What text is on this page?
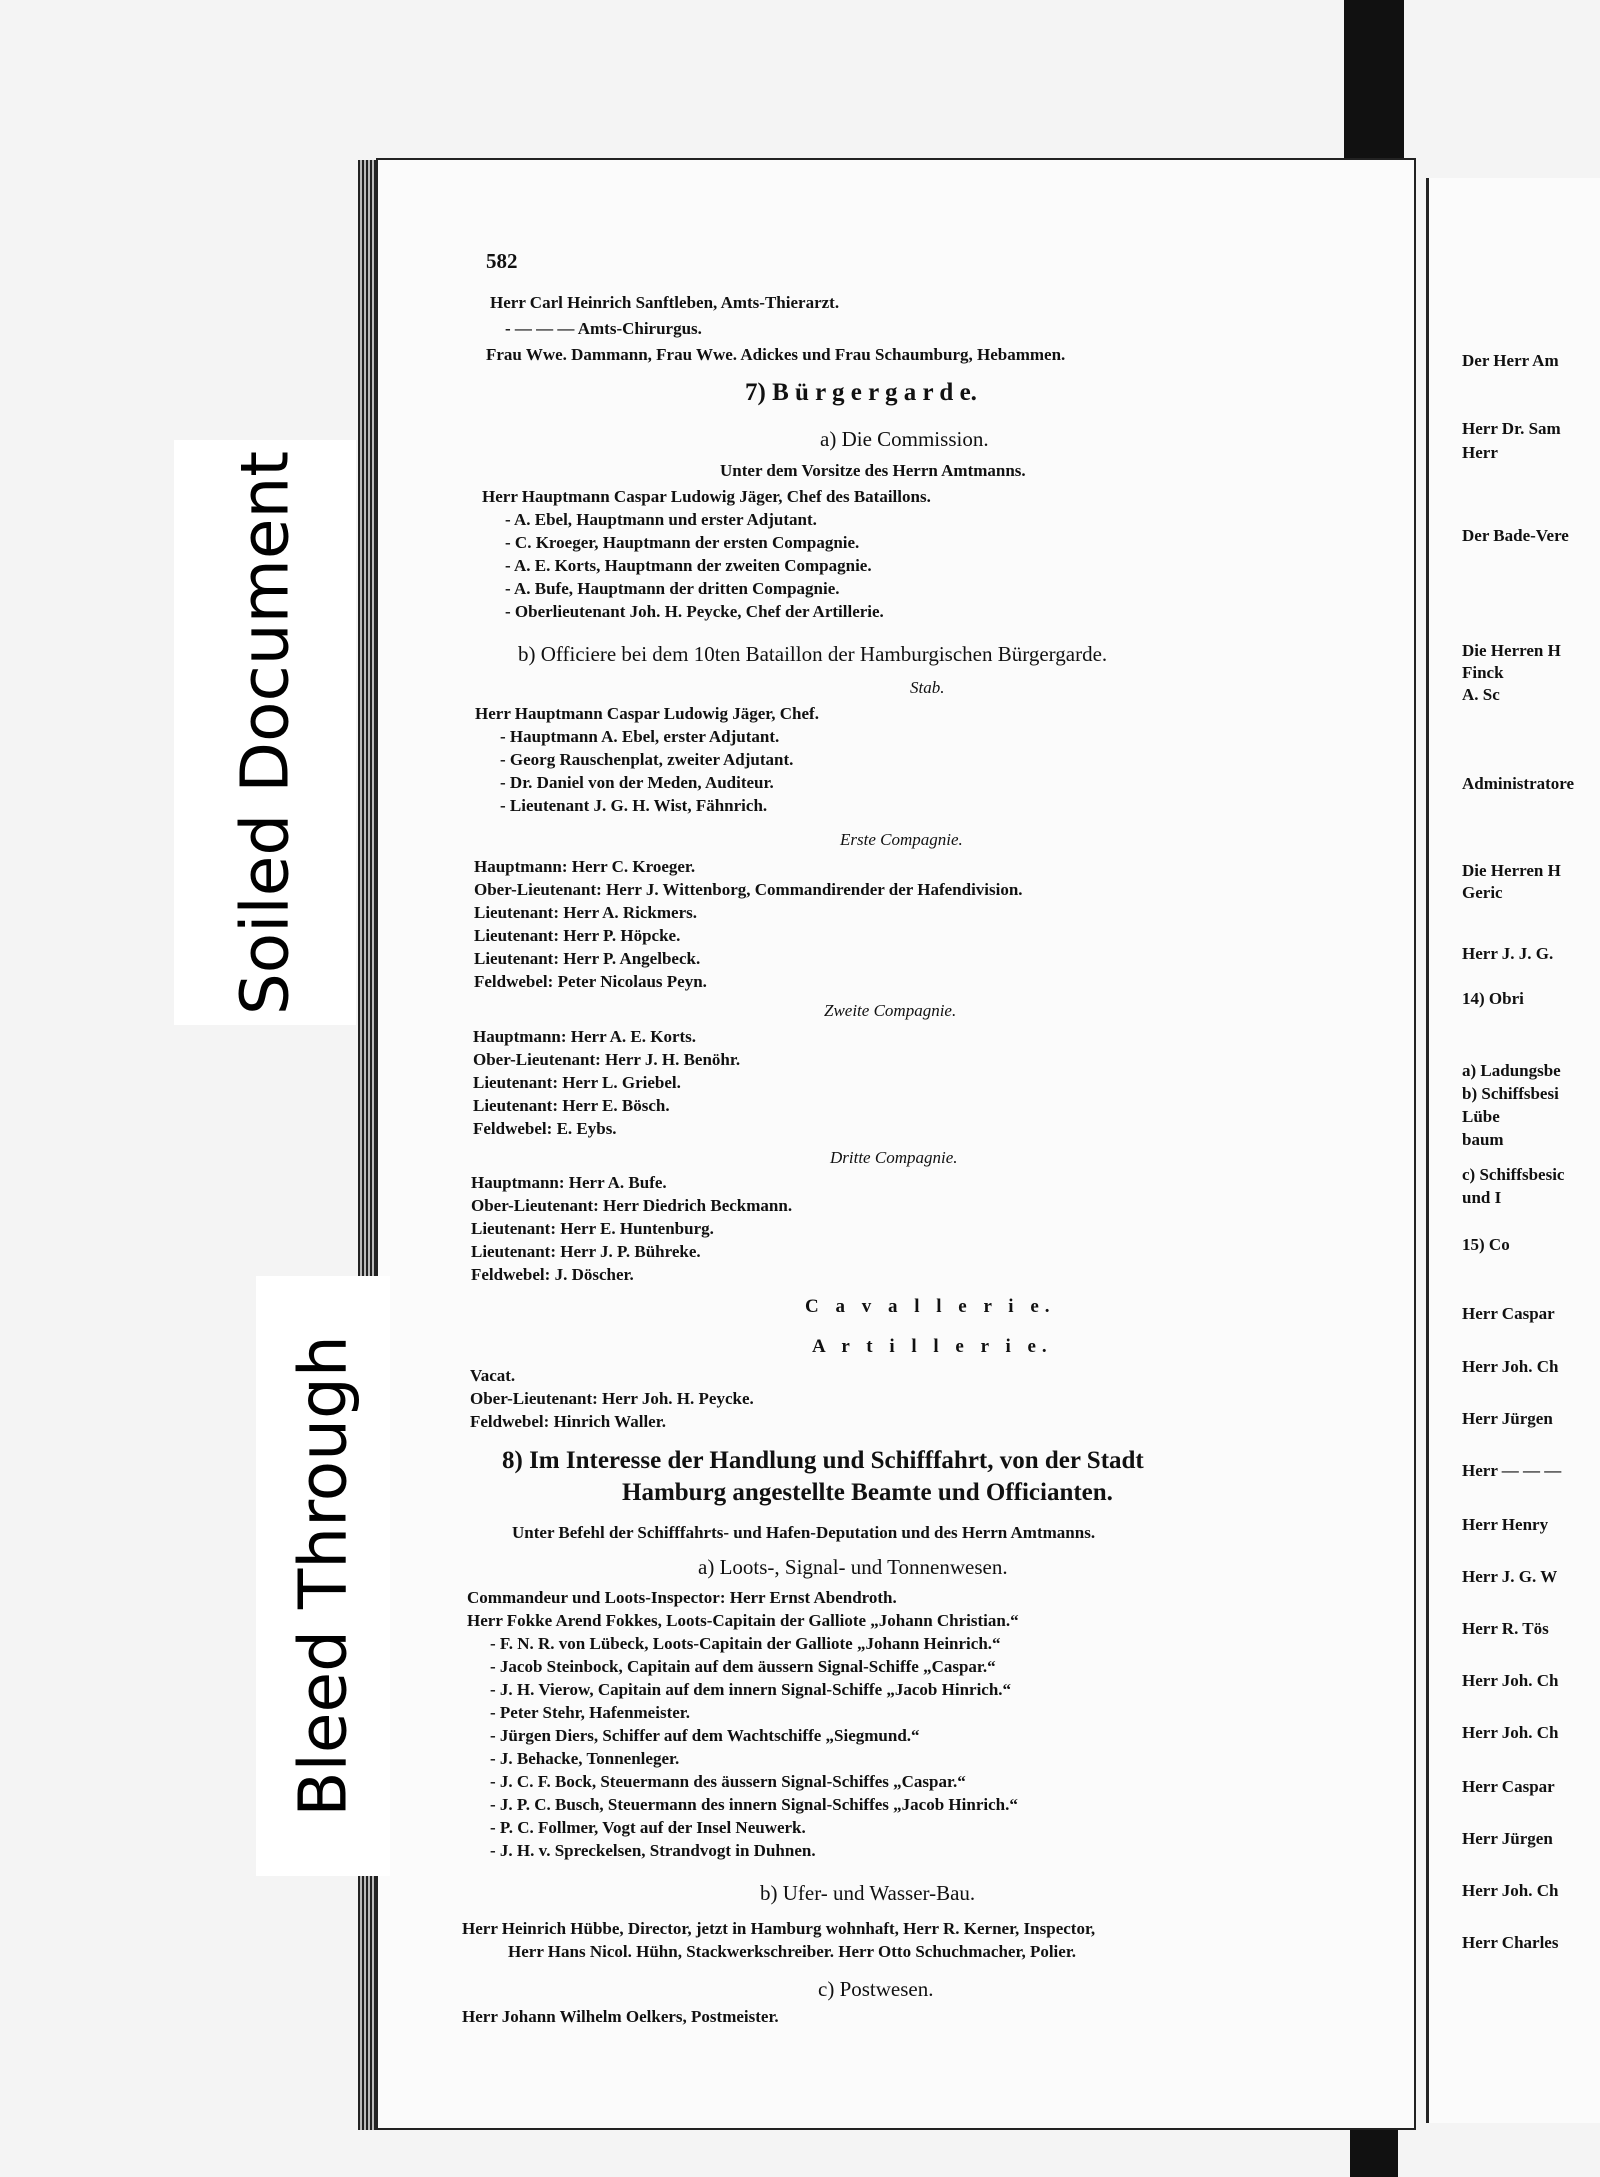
Soiled Document
Bleed Through
582
Herr Carl Heinrich Sanftleben, Amts-Thierarzt.
- — — — Amts-Chirurgus.
Frau Wwe. Dammann, Frau Wwe. Adickes und Frau Schaumburg, Hebammen.
7) B ü r g e r g a r d e.
a) Die Commission.
Unter dem Vorsitze des Herrn Amtmanns.
Herr Hauptmann Caspar Ludowig Jäger, Chef des Bataillons.
- A. Ebel, Hauptmann und erster Adjutant.
- C. Kroeger, Hauptmann der ersten Compagnie.
- A. E. Korts, Hauptmann der zweiten Compagnie.
- A. Bufe, Hauptmann der dritten Compagnie.
- Oberlieutenant Joh. H. Peycke, Chef der Artillerie.
b) Officiere bei dem 10ten Bataillon der Hamburgischen Bürgergarde.
Stab.
Herr Hauptmann Caspar Ludowig Jäger, Chef.
- Hauptmann A. Ebel, erster Adjutant.
- Georg Rauschenplat, zweiter Adjutant.
- Dr. Daniel von der Meden, Auditeur.
- Lieutenant J. G. H. Wist, Fähnrich.
Erste Compagnie.
Hauptmann: Herr C. Kroeger.
Ober-Lieutenant: Herr J. Wittenborg, Commandirender der Hafendivision.
Lieutenant: Herr A. Rickmers.
Lieutenant: Herr P. Höpcke.
Lieutenant: Herr P. Angelbeck.
Feldwebel: Peter Nicolaus Peyn.
Zweite Compagnie.
Hauptmann: Herr A. E. Korts.
Ober-Lieutenant: Herr J. H. Benöhr.
Lieutenant: Herr L. Griebel.
Lieutenant: Herr E. Bösch.
Feldwebel: E. Eybs.
Dritte Compagnie.
Hauptmann: Herr A. Bufe.
Ober-Lieutenant: Herr Diedrich Beckmann.
Lieutenant: Herr E. Huntenburg.
Lieutenant: Herr J. P. Bühreke.
Feldwebel: J. Döscher.
C a v a l l e r i e.
A r t i l l e r i e.
Vacat.
Ober-Lieutenant: Herr Joh. H. Peycke.
Feldwebel: Hinrich Waller.
8) Im Interesse der Handlung und Schifffahrt, von der Stadt
Hamburg angestellte Beamte und Officianten.
Unter Befehl der Schifffahrts- und Hafen-Deputation und des Herrn Amtmanns.
a) Loots-, Signal- und Tonnenwesen.
Commandeur und Loots-Inspector: Herr Ernst Abendroth.
Herr Fokke Arend Fokkes, Loots-Capitain der Galliote „Johann Christian.“
- F. N. R. von Lübeck, Loots-Capitain der Galliote „Johann Heinrich.“
- Jacob Steinbock, Capitain auf dem äussern Signal-Schiffe „Caspar.“
- J. H. Vierow, Capitain auf dem innern Signal-Schiffe „Jacob Hinrich.“
- Peter Stehr, Hafenmeister.
- Jürgen Diers, Schiffer auf dem Wachtschiffe „Siegmund.“
- J. Behacke, Tonnenleger.
- J. C. F. Bock, Steuermann des äussern Signal-Schiffes „Caspar.“
- J. P. C. Busch, Steuermann des innern Signal-Schiffes „Jacob Hinrich.“
- P. C. Follmer, Vogt auf der Insel Neuwerk.
- J. H. v. Spreckelsen, Strandvogt in Duhnen.
b) Ufer- und Wasser-Bau.
Herr Heinrich Hübbe, Director, jetzt in Hamburg wohnhaft, Herr R. Kerner, Inspector,
Herr Hans Nicol. Hühn, Stackwerkschreiber. Herr Otto Schuchmacher, Polier.
c) Postwesen.
Herr Johann Wilhelm Oelkers, Postmeister.
Der Herr Am
Herr Dr. Sam
Herr
Der Bade-Vere
Die Herren H
Finck
A. Sc
Administratore
Die Herren H
Geric
Herr J. J. G.
14) Obri
a) Ladungsbe
b) Schiffsbesi
Lübe
baum
c) Schiffsbesic
und I
15) Co
Herr Caspar
Herr Joh. Ch
Herr Jürgen
Herr — — —
Herr Henry
Herr J. G. W
Herr R. Tös
Herr Joh. Ch
Herr Joh. Ch
Herr Caspar
Herr Jürgen
Herr Joh. Ch
Herr Charles
